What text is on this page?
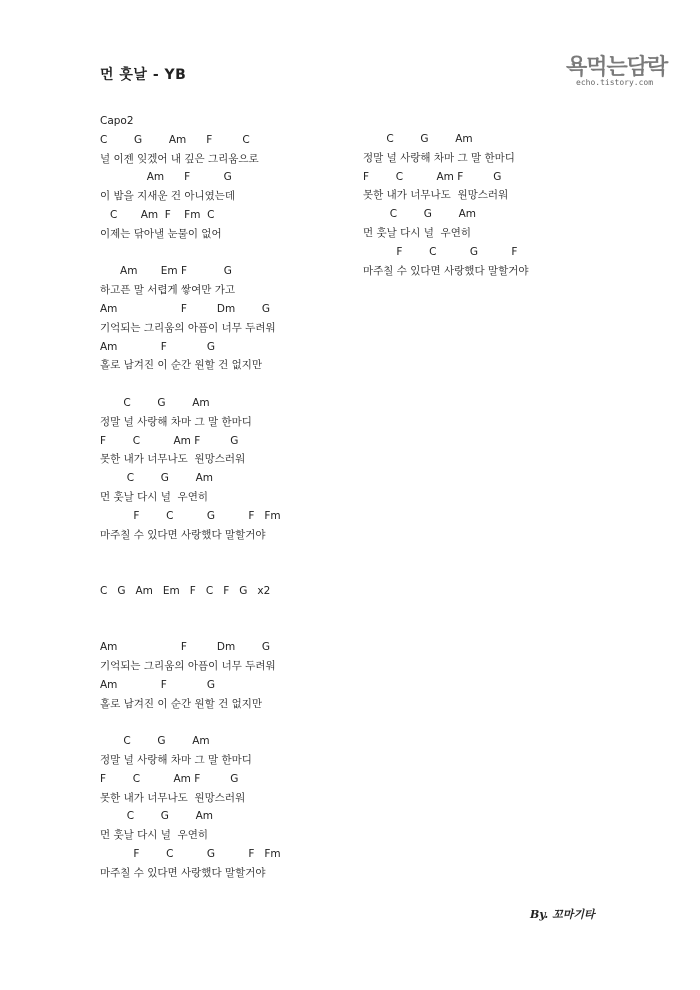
먼 훗날 - YB	욕먹는담락
echo.tistory.com
Capo2
C        G        Am      F         C
널 이젠 잊겠어 내 깊은 그리움으로
Am      F          G
이 밤을 지새운 건 아니였는데
C       Am  F    Fm  C
이제는 닦아낼 눈물이 없어
Am       Em F           G
하고픈 말 서렵게 쌓여만 가고
Am                   F         Dm        G
기억되는 그리움의 아픔이 너무 두려워
Am             F            G
홀로 남겨진 이 순간 원할 건 없지만
C        G        Am
정말 널 사랑해 차마 그 말 한마디
F        C          Am F         G
못한 내가 너무나도  원망스러워
C        G        Am
먼 훗날 다시 널  우연히
F        C          G          F   Fm
마주칠 수 있다면 사랑했다 말할거야
C   G   Am   Em   F   C   F   G   x2
Am                   F         Dm        G
기억되는 그리움의 아픔이 너무 두려워
Am             F            G
홀로 남겨진 이 순간 원할 건 없지만
C        G        Am
정말 널 사랑해 차마 그 말 한마디
F        C          Am F         G
못한 내가 너무나도  원망스러워
C        G        Am
먼 훗날 다시 널  우연히
F        C          G          F   Fm
마주칠 수 있다면 사랑했다 말할거야
C        G        Am
정말 널 사랑해 차마 그 말 한마디
F        C          Am F         G
못한 내가 너무나도  원망스러워
C        G        Am
먼 훗날 다시 널  우연히
F        C          G          F
마주칠 수 있다면 사랑했다 말할거야
By. 꼬마기타
